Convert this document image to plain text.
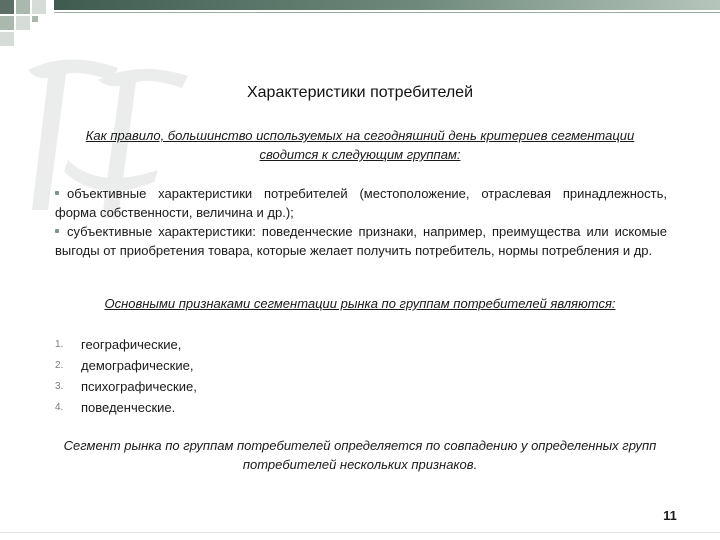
Характеристики потребителей
Как правило, большинство используемых на сегодняшний день критериев сегментации сводится к следующим группам:
объективные характеристики потребителей (местоположение, отраслевая принадлежность, форма собственности, величина и др.);
субъективные характеристики: поведенческие признаки, например, преимущества или искомые выгоды от приобретения товара, которые желает получить потребитель, нормы потребления и др.
Основными признаками сегментации рынка по группам потребителей являются:
1.	географические,
2.	демографические,
3.	психографические,
4.	поведенческие.
Сегмент рынка по группам потребителей определяется по совпадению у определенных групп потребителей нескольких признаков.
11
